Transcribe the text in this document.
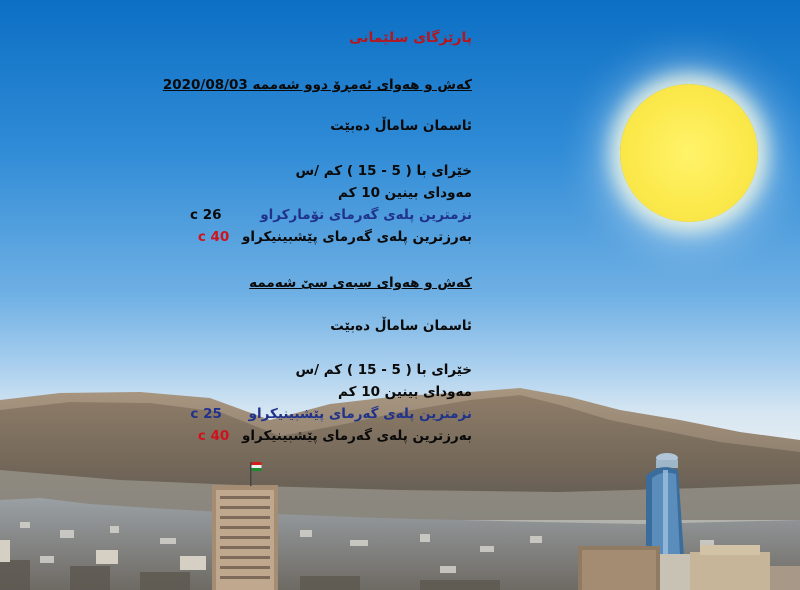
پارێزگای سلێمانی
کەش و هەوای ئەمڕۆ دوو شەممە 2020/08/03
ئاسمان ساماڵ دەبێت
خێرای با ( 5 - 15 ) کم /س
مەودای بینین 10 کم
نزمترین پلەی گەرمای تۆمارکراو 26 c
بەرزترین پلەی گەرمای پێشبینیکراو 40 c
کەش و هەوای سبەی سێ شەممە
ئاسمان ساماڵ دەبێت
خێرای با ( 5 - 15 ) کم /س
مەودای بینین 10 کم
نزمترین پلەی گەرمای پێشبینیکراو 25 c
بەرزترین پلەی گەرمای پێشبینیکراو 40 c
